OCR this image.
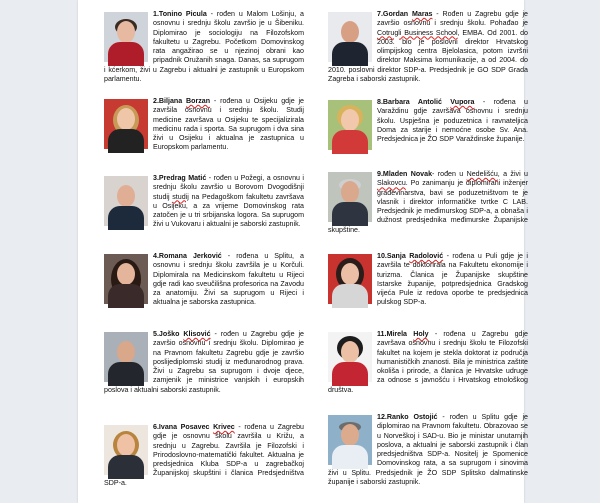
1.Tonino Picula - rođen u Malom Lošinju, a osnovnu i srednju školu završio je u Šibeniku. Diplomirao je sociologiju na Filozofskom fakultetu u Zagrebu. Početkom Domovinskog rata angažirao se u njezinoj obrani kao pripadnik Oružanih snaga. Danas, sa suprugom i kćerkom, živi u Zagrebu i aktualni je zastupnik u Europskom parlamentu.

2.Biljana Borzan - rođena u Osijeku gdje je završila osnovnu i srednju školu. Studij medicine završava u Osijeku te specijalizirala medicinu rada i sporta. Sa suprugom i dva sina živi u Osijeku i aktualna je zastupnica u Europskom parlamentu.

3.Predrag Matić - rođen u Požegi, a osnovnu i srednju školu završio u Borovom Dvogodišnji studij studij na Pedagoškom fakultetu završava u Osijeku, a za vrijeme Domovinskog rata zatočen je u tri srbijanska logora. Sa suprugom živi u Vukovaru i aktualni je saborski zastupnik.

4.Romana Jerković - rođena u Splitu, a osnovnu i srednju školu završila je u Korčuli. Diplomirala na Medicinskom fakultetu u Rijeci gdje radi kao sveučilišna profesorica na Zavodu za anatomiju. Živi sa suprugom u Rijeci i aktualna je saborska zastupnica.

5.Joško Klisović - rođen u Zagrebu gdje je završio osnovnu i srednju školu. Diplomirao je na Pravnom fakultetu Zagrebu gdje je završio poslijediplomski studij iz međunarodnog prava. Živi u Zagrebu sa suprugom i dvoje djece, zamjenik je ministrice vanjskih i europskih poslova i aktualni saborski zastupnik.

6.Ivana Posavec Krivec - rođena u Zagrebu gdje je osnovnu školu završila u Križu, a srednju u Zagrebu. Završila je Filozofski i Prirodoslovno-matematički fakultet. Aktualna je predsjednica Kluba SDP-a u zagrebačkoj Županijskoj skupštini i članica Predsjedništva SDP-a.

7.Gordan Maras - Rođen u Zagrebu gdje je završio osnovnu i srednju školu. Pohađao je Cotrugli Business School, EMBA. Od 2001. do 2003. bio je poslovni direktor Hrvatskog olimpijskog centra Bjelolasica, potom izvršni direktor Maksima komunikacije, a od 2004. do 2010. poslovni direktor SDP-a. Predsjednik je GO SDP Grada Zagreba i saborski zastupnik.

8.Barbara Antolić Vupora - rođena u Varaždinu gdje završava osnovnu i srednju školu. Uspješna je poduzetnica i ravnateljica Doma za starije i nemoćne osobe Sv. Ana. Predsjednica je ŽO SDP Varaždinske županije.

9.Mladen Novak- rođen u Nedelišću, a živi u Slakovcu. Po zanimanju je diplomirani inženjer građevinarstva, bavi se poduzetništvom te je vlasnik i direktor informatičke tvrtke C LAB. Predsjednik je međimurskog SDP-a, a obnaša i dužnost predsjednika međimurske Županijske skupštine.

10.Sanja Radolović - rođena u Puli gdje je i završila te doktorirala na Fakultetu ekonomije i turizma. Članica je Županijske skupštine Istarske županije, potpredsjednica Gradskog vijeća Pule iz redova oporbe te predsjednica pulskog SDP-a.

11.Mirela Holy - rođena u Zagrebu gdje završava osnovnu i srednju školu te Filozofski fakultet na kojem je stekla doktorat iz područja humanističkih znanosti. Bila je ministrica zaštite okoliša i prirode, a članica je Hrvatske udruge za odnose s javnošću i Hrvatskog etnološkog društva.

12.Ranko Ostojić - rođen u Splitu gdje je diplomirao na Pravnom fakultetu. Obrazovao se u Norveškoj i SAD-u. Bio je ministar unutarnjih poslova, a aktualni je saborski zastupnik i član predsjedništva SDP-a. Nositelj je Spomenice Domovinskog rata, a sa suprugom i sinovima živi u Splitu. Predsjednik je ŽO SDP Splitsko dalmatinske županije i saborski zastupnik.
